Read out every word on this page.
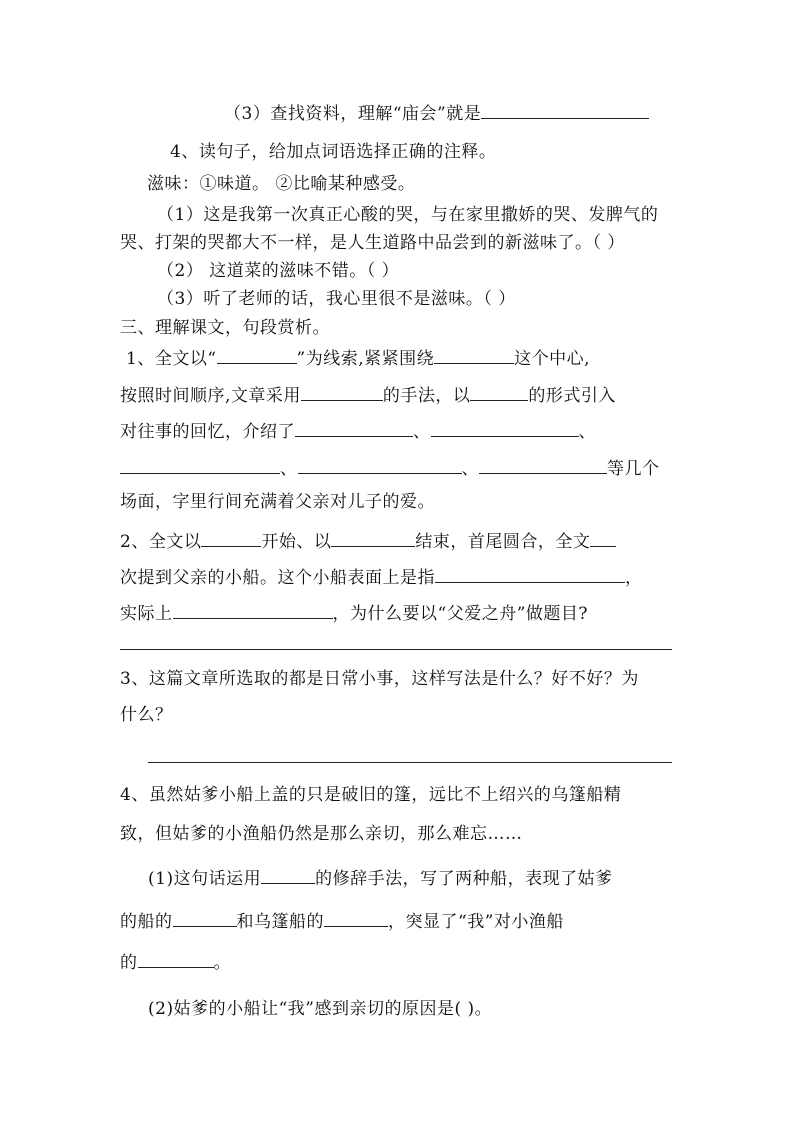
（3）查找资料，理解“庙会”就是
4、读句子，给加点词语选择正确的注释。
滋味：①味道。 ②比喻某种感受。
（1）这是我第一次真正心酸的哭，与在家里撒娇的哭、发脾气的
哭、打架的哭都大不一样，是人生道路中品尝到的新滋味了。（ ）
（2） 这道菜的滋味不错。（ ）
（3）听了老师的话，我心里很不是滋味。（ ）
三、理解课文，句段赏析。
1、全文以“	”为线索,紧紧围绕	这个中心,
按照时间顺序,文章采用	的手法，以	的形式引入
对往事的回忆，介绍了	、	、
、	、	等几个
场面，字里行间充满着父亲对儿子的爱。
2、全文以	开始、以	结束，首尾圆合，全文
次提到父亲的小船。这个小船表面上是指	，
实际上	，为什么要以“父爱之舟”做题目?
3、这篇文章所选取的都是日常小事，这样写法是什么？好不好？为
什么？
4、虽然姑爹小船上盖的只是破旧的篷，远比不上绍兴的乌篷船精
致，但姑爹的小渔船仍然是那么亲切，那么难忘……
(1)这句话运用	的修辞手法，写了两种船，表现了姑爹
的船的	和乌篷船的	，突显了“我”对小渔船
的	。
(2)姑爹的小船让“我”感到亲切的原因是( )。
